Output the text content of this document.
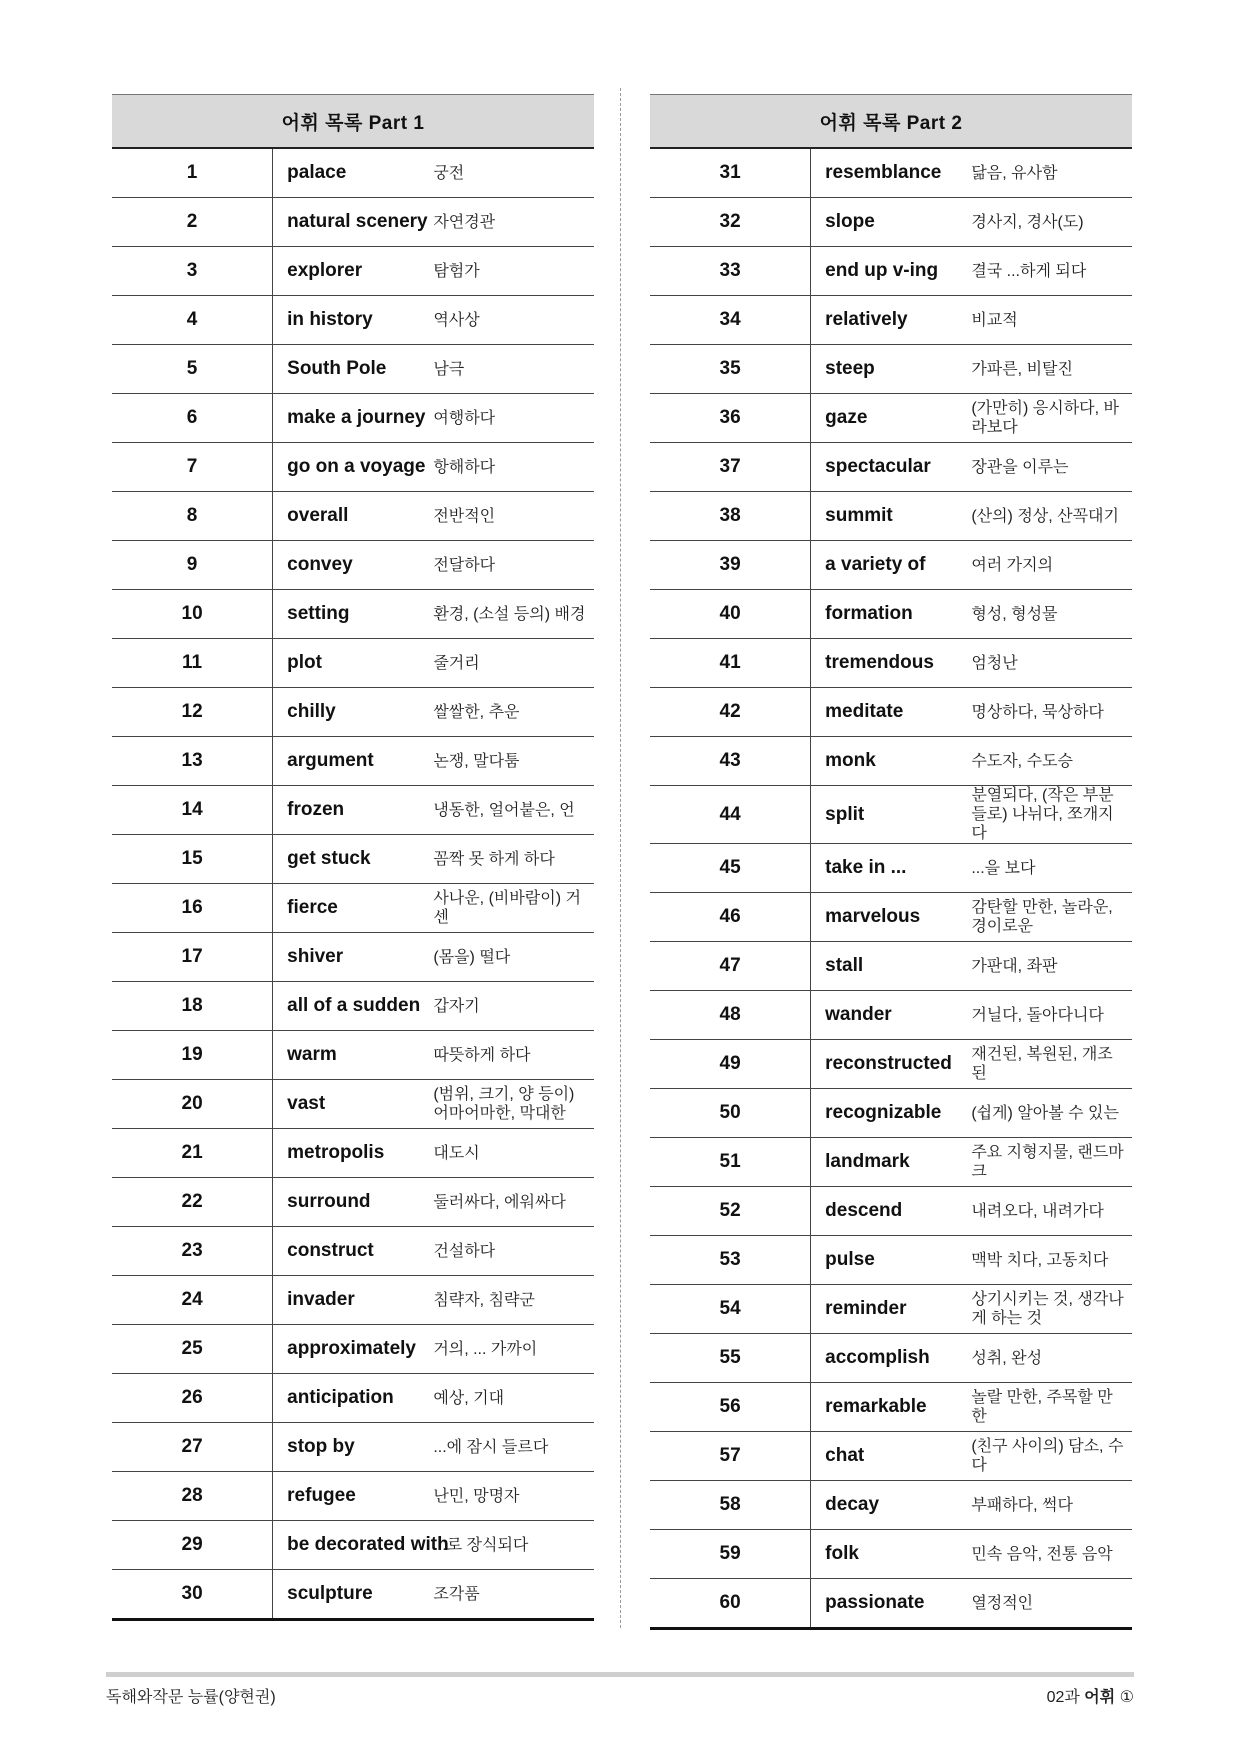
어휘 목록 Part 1		
1	palace	궁전
2	natural scenery	자연경관
3	explorer	탐험가
4	in history	역사상
5	South Pole	남극
6	make a journey	여행하다
7	go on a voyage	항해하다
8	overall	전반적인
9	convey	전달하다
10	setting	환경, (소설 등의) 배경
11	plot	줄거리
12	chilly	쌀쌀한, 추운
13	argument	논쟁, 말다툼
14	frozen	냉동한, 얼어붙은, 언
15	get stuck	꼼짝 못 하게 하다
16	fierce	사나운, (비바람이) 거센
17	shiver	(몸을) 떨다
18	all of a sudden	갑자기
19	warm	따뜻하게 하다
20	vast	(범위, 크기, 양 등이) 어마어마한, 막대한
21	metropolis	대도시
22	surround	둘러싸다, 에워싸다
23	construct	건설하다
24	invader	침략자, 침략군
25	approximately	거의, ... 가까이
26	anticipation	예상, 기대
27	stop by	...에 잠시 들르다
28	refugee	난민, 망명자
29	be decorated with	...로 장식되다
30	sculpture	조각품
어휘 목록 Part 2		
31	resemblance	닮음, 유사함
32	slope	경사지, 경사(도)
33	end up v-ing	결국 ...하게 되다
34	relatively	비교적
35	steep	가파른, 비탈진
36	gaze	(가만히) 응시하다, 바라보다
37	spectacular	장관을 이루는
38	summit	(산의) 정상, 산꼭대기
39	a variety of	여러 가지의
40	formation	형성, 형성물
41	tremendous	엄청난
42	meditate	명상하다, 묵상하다
43	monk	수도자, 수도승
44	split	분열되다, (작은 부분들로) 나뉘다, 쪼개지다
45	take in ...	...을 보다
46	marvelous	감탄할 만한, 놀라운, 경이로운
47	stall	가판대, 좌판
48	wander	거닐다, 돌아다니다
49	reconstructed	재건된, 복원된, 개조된
50	recognizable	(쉽게) 알아볼 수 있는
51	landmark	주요 지형지물, 랜드마크
52	descend	내려오다, 내려가다
53	pulse	맥박 치다, 고동치다
54	reminder	상기시키는 것, 생각나게 하는 것
55	accomplish	성취, 완성
56	remarkable	놀랄 만한, 주목할 만한
57	chat	(친구 사이의) 담소, 수다
58	decay	부패하다, 썩다
59	folk	민속 음악, 전통 음악
60	passionate	열정적인
독해와작문 능률(양현권)	02과 어휘 ①
